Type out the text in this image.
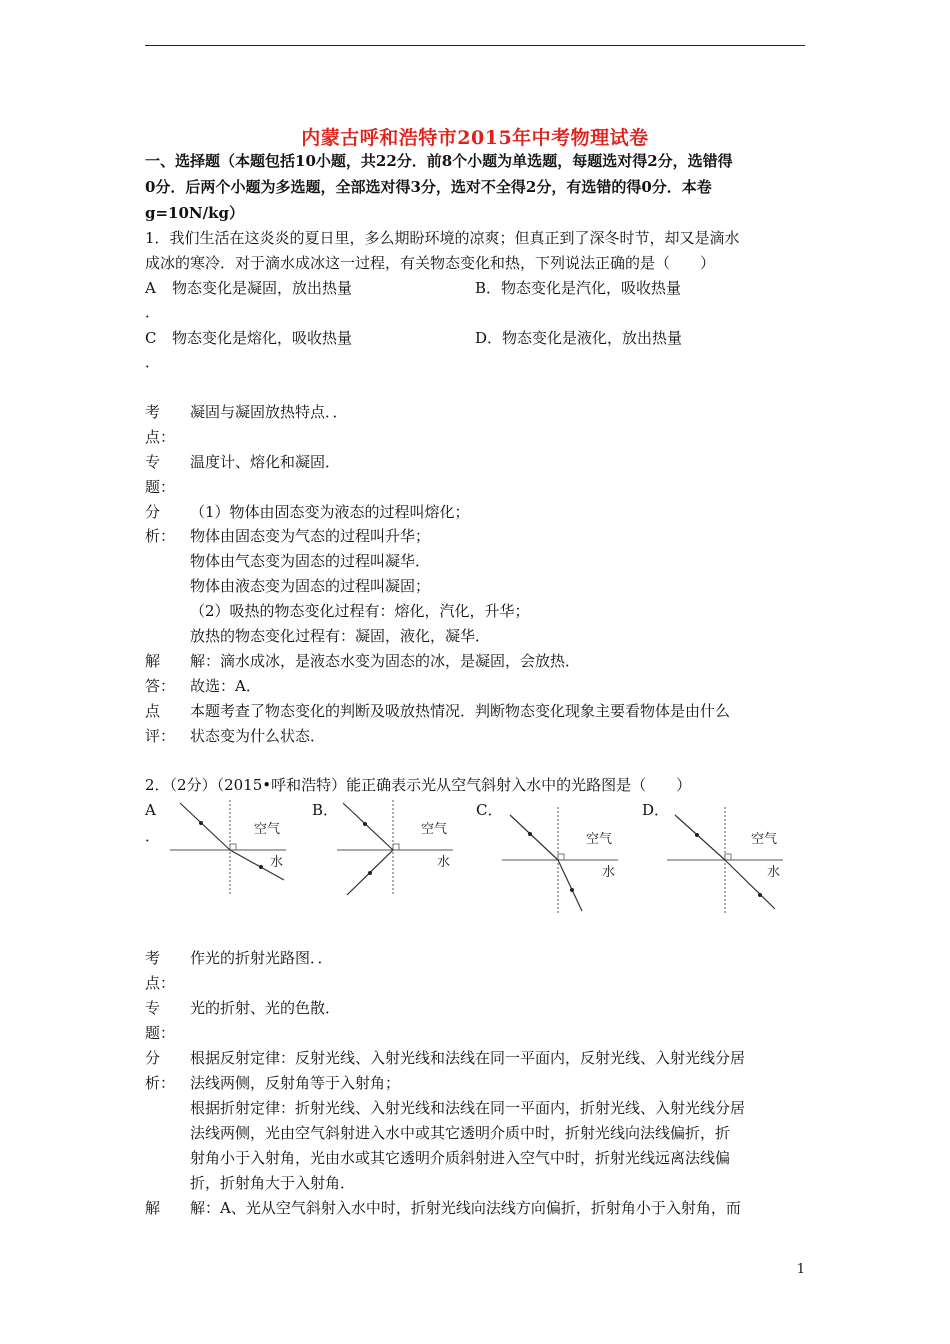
内蒙古呼和浩特市2015年中考物理试卷
一、选择题（本题包括10小题，共22分．前8个小题为单选题，每题选对得2分，选错得
0分．后两个小题为多选题，全部选对得3分，选对不全得2分，有选错的得0分．本卷
g=10N/kg）
1．我们生活在这炎炎的夏日里，多么期盼环境的凉爽；但真正到了深冬时节，却又是滴水
成冰的寒冷．对于滴水成冰这一过程，有关物态变化和热，下列说法正确的是（　　）
A 物态变化是凝固，放出热量	B．物态变化是汽化，吸收热量
．
C 物态变化是熔化，吸收热量	D．物态变化是液化，放出热量
．
考
点：
凝固与凝固放热特点．．
专
题：
温度计、熔化和凝固．
分
析：
（1）物体由固态变为液态的过程叫熔化；
物体由固态变为气态的过程叫升华；
物体由气态变为固态的过程叫凝华．
物体由液态变为固态的过程叫凝固；
（2）吸热的物态变化过程有：熔化，汽化，升华；
放热的物态变化过程有：凝固，液化，凝华．
解
答：
解：滴水成冰，是液态水变为固态的冰，是凝固，会放热．
故选：A．
点
评：
本题考查了物态变化的判断及吸放热情况．判断物态变化现象主要看物体是由什么
状态变为什么状态．
2．（2分）（2015•呼和浩特）能正确表示光从空气斜射入水中的光路图是（　　）
A
．
B．	C．	D．
空气
水
空气
水
空气
水
空气
水
考
点：
作光的折射光路图．．
专
题：
光的折射、光的色散．
分
析：
根据反射定律：反射光线、入射光线和法线在同一平面内，反射光线、入射光线分居
法线两侧，反射角等于入射角；
根据折射定律：折射光线、入射光线和法线在同一平面内，折射光线、入射光线分居
法线两侧，光由空气斜射进入水中或其它透明介质中时，折射光线向法线偏折，折
射角小于入射角，光由水或其它透明介质斜射进入空气中时，折射光线远离法线偏
折，折射角大于入射角．
解 解：A、光从空气斜射入水中时，折射光线向法线方向偏折，折射角小于入射角，而
1
